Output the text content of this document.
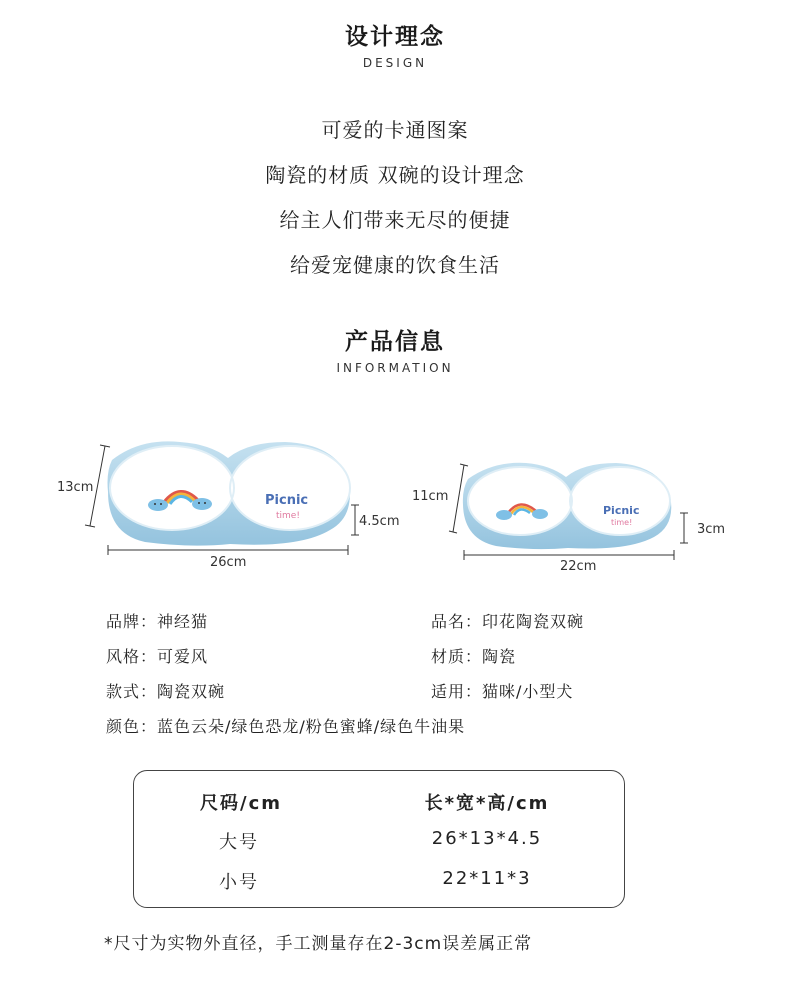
设计理念
DESIGN
可爱的卡通图案
陶瓷的材质 双碗的设计理念
给主人们带来无尽的便捷
给爱宠健康的饮食生活
产品信息
INFORMATION
Picnic
time!
13cm
26cm
4.5cm
Picnic
time!
11cm
22cm
3cm
品牌：神经猫	品名：印花陶瓷双碗
风格：可爱风	材质：陶瓷
款式：陶瓷双碗	适用：猫咪/小型犬
颜色：蓝色云朵/绿色恐龙/粉色蜜蜂/绿色牛油果
尺码/cm	长*宽*高/cm
大号	26*13*4.5
小号	22*11*3
*尺寸为实物外直径，手工测量存在2-3cm误差属正常
